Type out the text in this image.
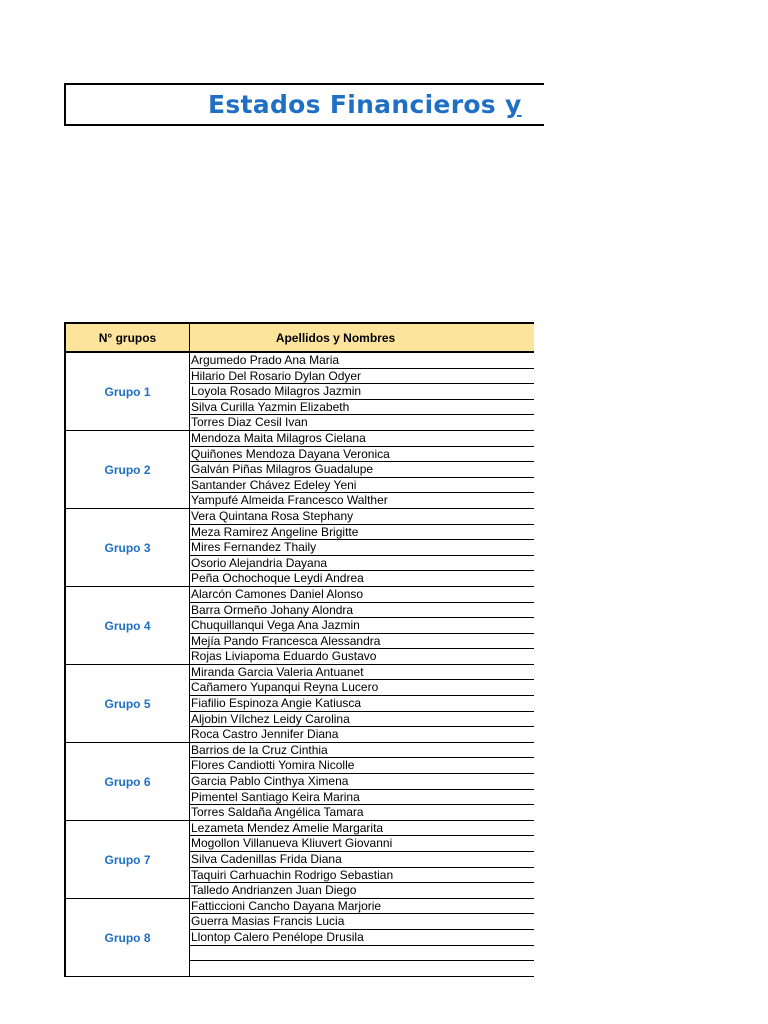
Estados Financieros y
N° grupos	Apellidos y Nombres
Grupo 1
Grupo 2
Grupo 3
Grupo 4
Grupo 5
Grupo 6
Grupo 7
Grupo 8
Argumedo Prado Ana Maria
Hilario Del Rosario Dylan Odyer
Loyola Rosado Milagros Jazmin
Silva Curilla Yazmin Elizabeth
Torres Diaz Cesil Ivan
Mendoza Maita Milagros Cielana
Quiñones Mendoza Dayana Veronica
Galván Piñas Milagros Guadalupe
Santander Chávez Edeley Yeni
Yampufé Almeida Francesco Walther
Vera Quintana Rosa Stephany
Meza Ramirez Angeline Brigitte
Mires Fernandez Thaily
Osorio Alejandria Dayana
Peña Ochochoque Leydi Andrea
Alarcón Camones Daniel Alonso
Barra Ormeño Johany Alondra
Chuquillanqui Vega Ana Jazmin
Mejía Pando Francesca Alessandra
Rojas Liviapoma Eduardo Gustavo
Miranda Garcia Valeria Antuanet
Cañamero Yupanqui Reyna Lucero
Fiafilio Espinoza Angie Katiusca
Aljobin Vílchez Leidy Carolina
Roca Castro Jennifer Diana
Barrios de la Cruz Cinthia
Flores Candiotti Yomira Nicolle
Garcia Pablo Cinthya Ximena
Pimentel Santiago Keira Marina
Torres Saldaña Angélica Tamara
Lezameta Mendez Amelie Margarita
Mogollon Villanueva Kliuvert Giovanni
Silva Cadenillas Frida Diana
Taquiri Carhuachin Rodrigo Sebastian
Talledo Andrianzen Juan Diego
Fatticcioni Cancho Dayana Marjorie
Guerra Masias Francis Lucia
Llontop Calero Penélope Drusila
